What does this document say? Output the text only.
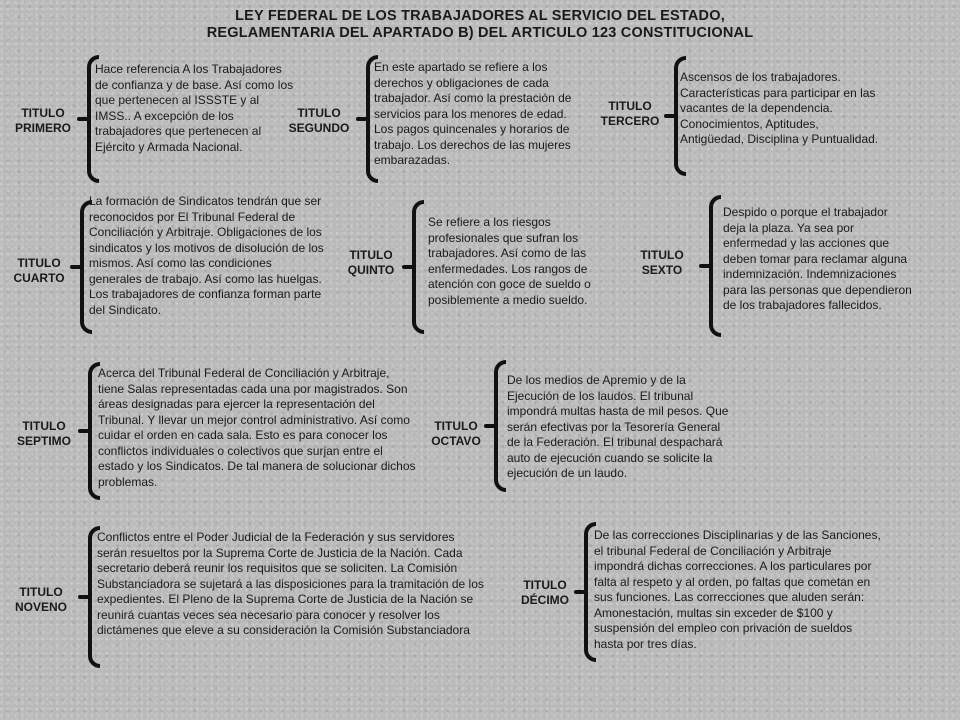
LEY FEDERAL DE LOS TRABAJADORES AL SERVICIO DEL ESTADO,
REGLAMENTARIA DEL APARTADO B) DEL ARTICULO 123 CONSTITUCIONAL
TITULO
PRIMERO
Hace referencia A los Trabajadores de confianza y de base. Así como los que pertenecen al ISSSTE y al IMSS.. A excepción de los trabajadores que pertenecen al Ejército y Armada Nacional.
TITULO
SEGUNDO
En este apartado se refiere a los derechos y obligaciones de cada trabajador. Así como la prestación de servicios para los menores de edad. Los pagos quincenales y horarios de trabajo. Los derechos de las mujeres embarazadas.
TITULO
TERCERO
Ascensos de los trabajadores. Características para participar en las vacantes de la dependencia. Conocimientos, Aptitudes, Antigüedad, Disciplina y Puntualidad.
TITULO
CUARTO
La formación de Sindicatos tendrán que ser reconocidos por El Tribunal Federal de Conciliación y Arbitraje. Obligaciones de los sindicatos y los motivos de disolución de los mismos. Así como las condiciones generales de trabajo. Así como las huelgas. Los trabajadores de confianza forman parte del Sindicato.
TITULO
QUINTO
Se refiere a los riesgos profesionales que sufran los trabajadores. Así como de las enfermedades. Los rangos de atención con goce de sueldo o posiblemente a medio sueldo.
TITULO
SEXTO
Despido o porque el trabajador deja la plaza. Ya sea por enfermedad y las acciones que deben tomar para reclamar alguna indemnización. Indemnizaciones para las personas que dependieron de los trabajadores fallecidos.
TITULO
SEPTIMO
Acerca del Tribunal Federal de Conciliación y Arbitraje, tiene Salas representadas cada una por magistrados. Son áreas designadas para ejercer la representación del Tribunal. Y llevar un mejor control administrativo. Así como cuidar el orden en cada sala. Esto es para conocer los conflictos individuales o colectivos que surjan entre el estado y los Sindicatos. De tal manera de solucionar dichos problemas.
TITULO
OCTAVO
De los medios de Apremio y de la Ejecución de los laudos. El tribunal impondrá multas hasta de mil pesos. Que serán efectivas por la Tesorería General de la Federación. El tribunal despachará auto de ejecución cuando se solicite la ejecución de un laudo.
TITULO
NOVENO
Conflictos entre el Poder Judicial de la Federación y sus servidores serán resueltos por la Suprema Corte de Justicia de la Nación. Cada secretario deberá reunir los requisitos que se soliciten. La Comisión Substanciadora se sujetará a las disposiciones para la tramitación de los expedientes. El Pleno de la Suprema Corte de Justicia de la Nación se reunirá cuantas veces sea necesario para conocer y resolver los dictámenes que eleve a su consideración la Comisión Substanciadora
TITULO
DÉCIMO
De las correcciones Disciplinarias y de las Sanciones, el tribunal Federal de Conciliación y Arbitraje impondrá dichas correcciones. A los particulares por falta al respeto y al orden, po faltas que cometan en sus funciones. Las correcciones que aluden serán: Amonestación, multas sin exceder de $100 y suspensión del empleo con privación de sueldos hasta por tres días.
